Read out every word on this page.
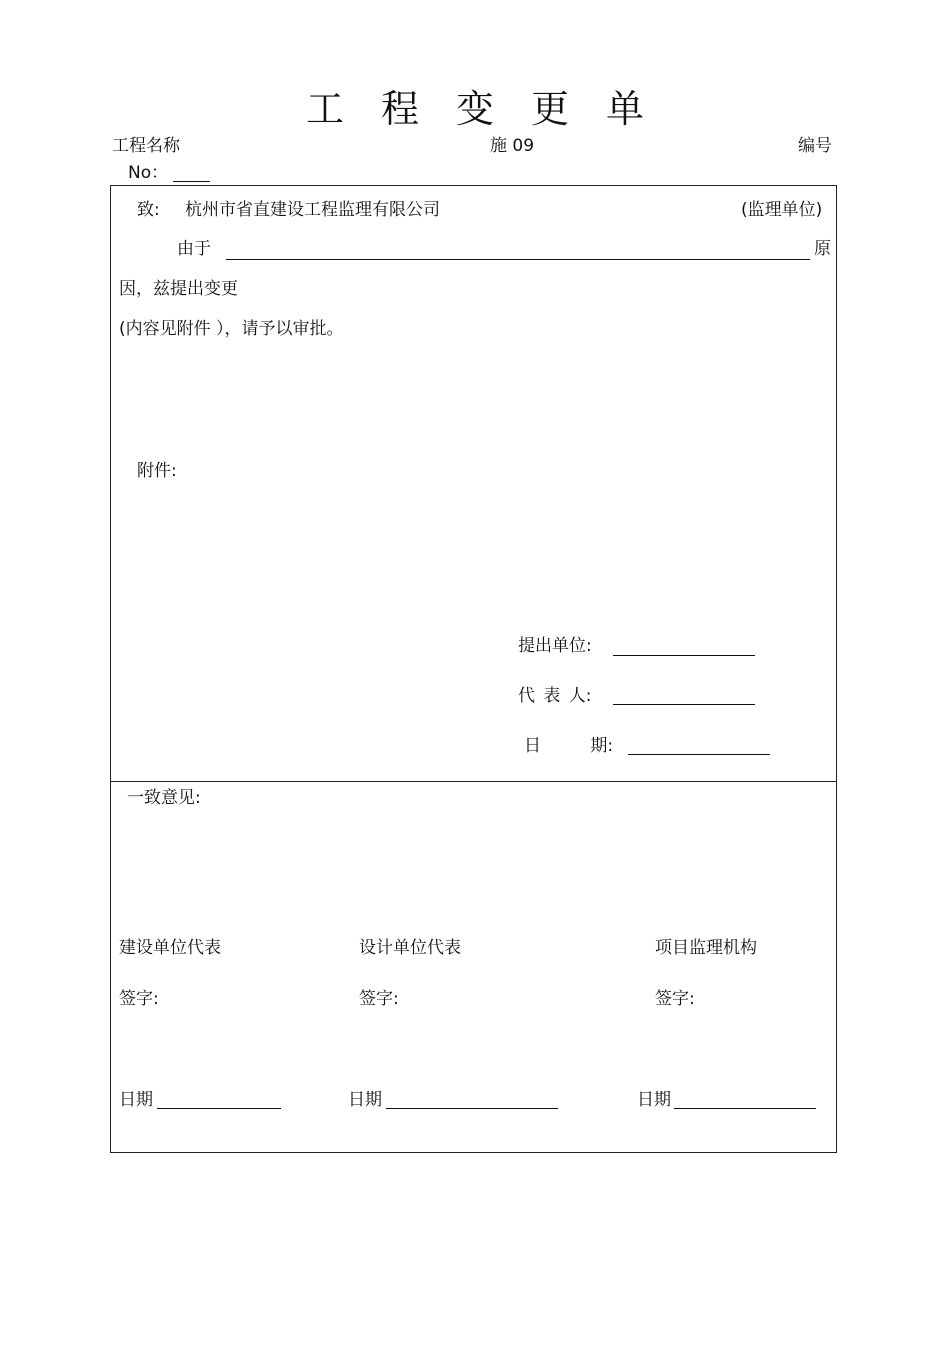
工程变更单
工程名称	施 09	编号
No：
致: 杭州市省直建设工程监理有限公司	(监理单位)
由于	原
因，兹提出变更
(内容见附件 ），请予以审批。
附件:
提出单位:
代 表 人:
日 期:
一致意见:
建设单位代表	设计单位代表	项目监理机构
签字:	签字:	签字:
日期	日期	日期
